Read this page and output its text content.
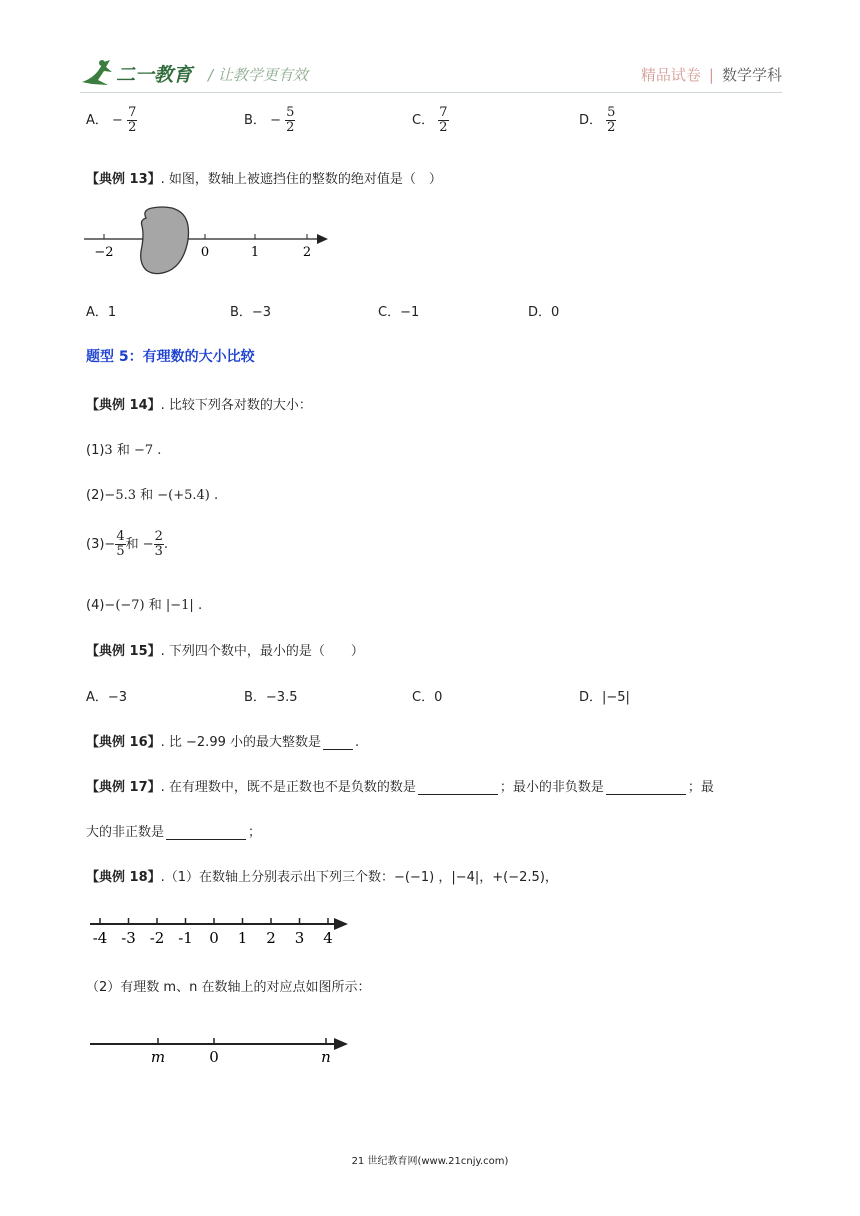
二一教育 / 让教学更有效	精品试卷 | 数学学科
A． − $\frac{7}{2}$	B． − $\frac{5}{2}$	C． $\frac{7}{2}$	D． $\frac{5}{2}$
【典例 13】. 如图，数轴上被遮挡住的整数的绝对值是（　）
−2	0	1	2
A．1	B．−3	C．−1	D．0
题型 5：有理数的大小比较
【典例 14】. 比较下列各对数的大小：
(1)3 和 −7 .
(2)−5.3 和 −(+5.4) .
$(3)- \frac{4}{5}$ 和 − $\frac{2}{3}$ .
(4)−(−7) 和 |−1| .
【典例 15】. 下列四个数中，最小的是（　　）
A．−3	B．−3.5	C．0	D．|−5|
【典例 16】. 比 −2.99 小的最大整数是	.
【典例 17】. 在有理数中，既不是正数也不是负数的数是	；最小的非负数是	；最
大的非正数是	；
【典例 18】.（1）在数轴上分别表示出下列三个数：−(−1) ，|−4|，+(−2.5)，
-4 -3 -2 -1 0 1 2 3 4
（2）有理数 m、n 在数轴上的对应点如图所示：
m	0	n
21 世纪教育网(www.21cnjy.com)
